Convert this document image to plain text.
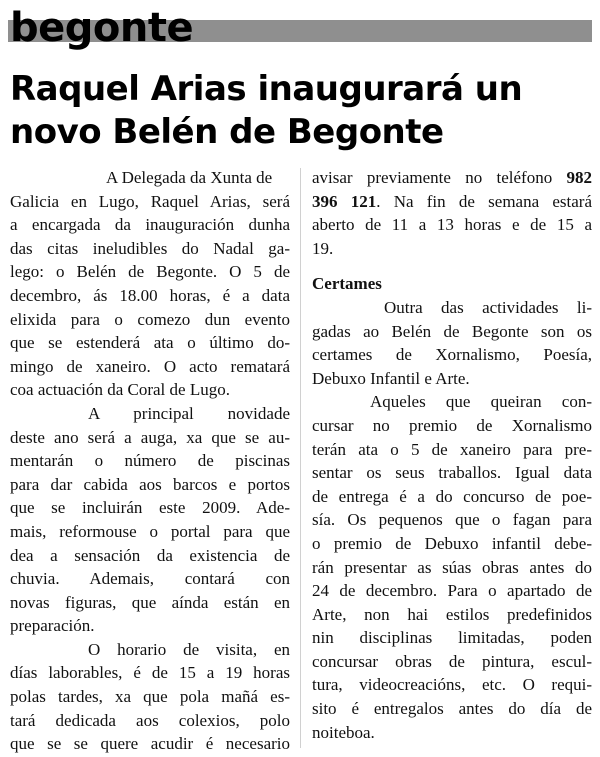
begonte
Raquel Arias inaugurará un
novo Belén de Begonte
A Delegada da Xunta de
Galicia en Lugo, Raquel Arias, será
a encargada da inauguración dunha
das citas ineludibles do Nadal ga-
lego: o Belén de Begonte. O 5 de
decembro, ás 18.00 horas, é a data
elixida para o comezo dun evento
que se estenderá ata o último do-
mingo de xaneiro. O acto rematará
coa actuación da Coral de Lugo.
A principal novidade
deste ano será a auga, xa que se au-
mentarán o número de piscinas
para dar cabida aos barcos e portos
que se incluirán este 2009. Ade-
mais, reformouse o portal para que
dea a sensación da existencia de
chuvia. Ademais, contará con
novas figuras, que aínda están en
preparación.
O horario de visita, en
días laborables, é de 15 a 19 horas
polas tardes, xa que pola mañá es-
tará dedicada aos colexios, polo
que se se quere acudir é necesario
avisar previamente no teléfono 982
396 121. Na fin de semana estará
aberto de 11 a 13 horas e de 15 a
19.
Certames
Outra das actividades li-
gadas ao Belén de Begonte son os
certames de Xornalismo, Poesía,
Debuxo Infantil e Arte.
Aqueles que queiran con-
cursar no premio de Xornalismo
terán ata o 5 de xaneiro para pre-
sentar os seus traballos. Igual data
de entrega é a do concurso de poe-
sía. Os pequenos que o fagan para
o premio de Debuxo infantil debe-
rán presentar as súas obras antes do
24 de decembro. Para o apartado de
Arte, non hai estilos predefinidos
nin disciplinas limitadas, poden
concursar obras de pintura, escul-
tura, videocreacións, etc. O requi-
sito é entregalos antes do día de
noiteboa.
